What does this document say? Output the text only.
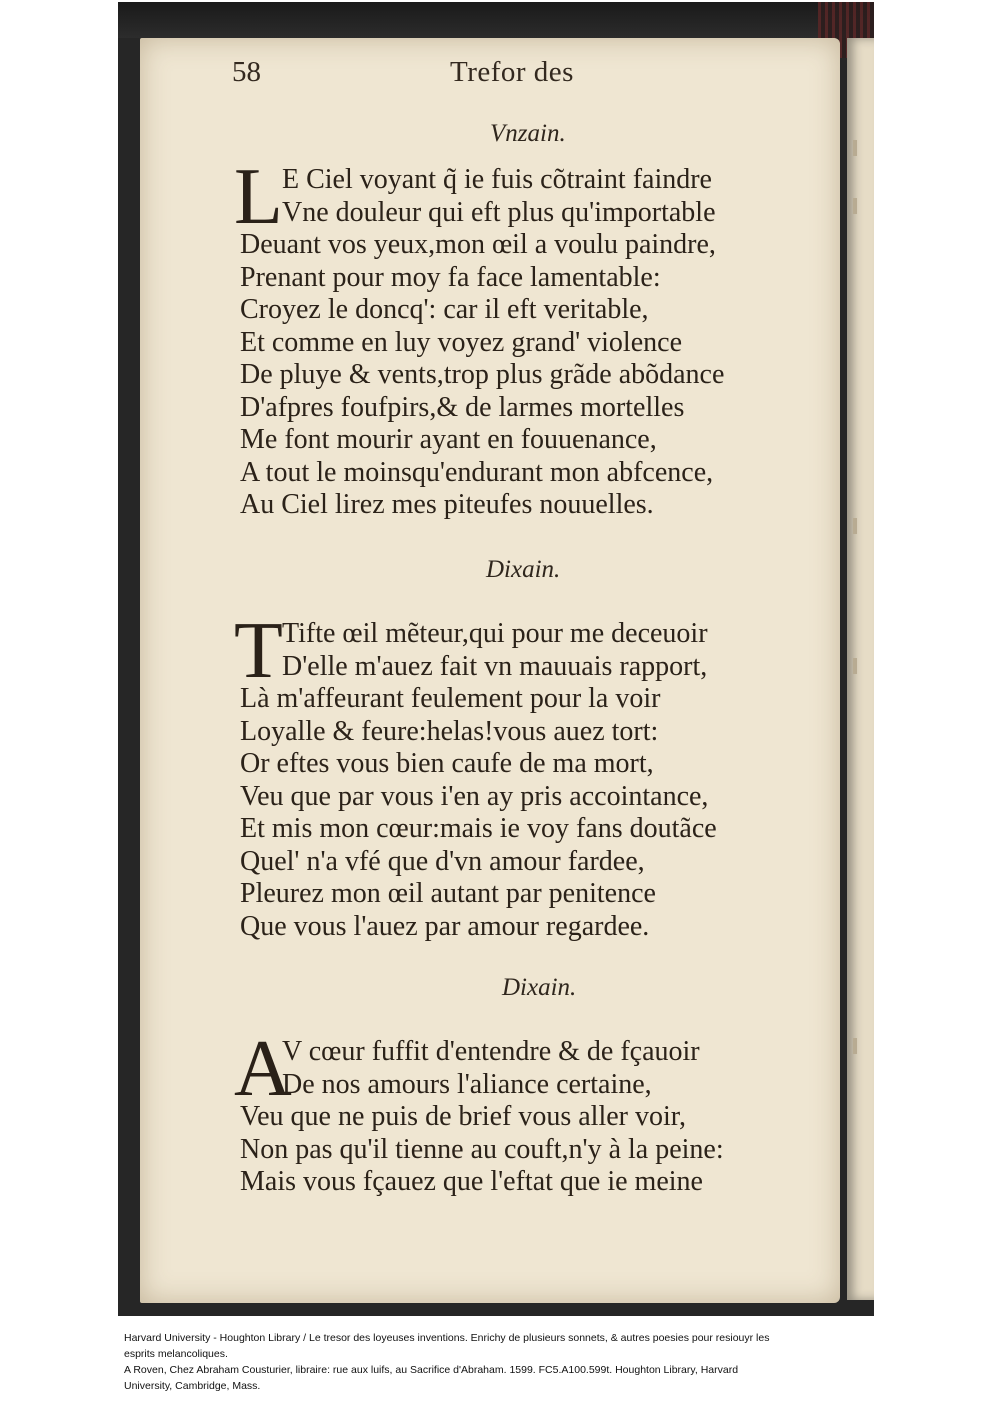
58	Trefor des
Vnzain.
L E Ciel voyant q̃ ie fuis cõtraint faindre
Vne douleur qui eft plus qu'importable
Deuant vos yeux,mon œil a voulu paindre,
Prenant pour moy fa face lamentable:
Croyez le doncq': car il eft veritable,
Et comme en luy voyez grand' violence
De pluye & vents,trop plus grãde abõdance
D'afpres foufpirs,& de larmes mortelles
Me font mourir ayant en fouuenance,
A tout le moinsqu'endurant mon abfcence,
Au Ciel lirez mes piteufes nouuelles.
Dixain.
T Tifte œil mẽteur,qui pour me deceuoir
D'elle m'auez fait vn mauuais rapport,
Là m'affeurant feulement pour la voir
Loyalle & feure:helas!vous auez tort:
Or eftes vous bien caufe de ma mort,
Veu que par vous i'en ay pris accointance,
Et mis mon cœur:mais ie voy fans doutãce
Quel' n'a vfé que d'vn amour fardee,
Pleurez mon œil autant par penitence
Que vous l'auez par amour regardee.
Dixain.
A
V cœur fuffit d'entendre & de fçauoir
De nos amours l'aliance certaine,
Veu que ne puis de brief vous aller voir,
Non pas qu'il tienne au couft,n'y à la peine:
Mais vous fçauez que l'eftat que ie meine
Harvard University - Houghton Library / Le tresor des loyeuses inventions. Enrichy de plusieurs sonnets, & autres poesies pour resiouyr les
esprits melancoliques.
A Roven, Chez Abraham Cousturier, libraire: rue aux luifs, au Sacrifice d'Abraham. 1599. FC5.A100.599t. Houghton Library, Harvard
University, Cambridge, Mass.
